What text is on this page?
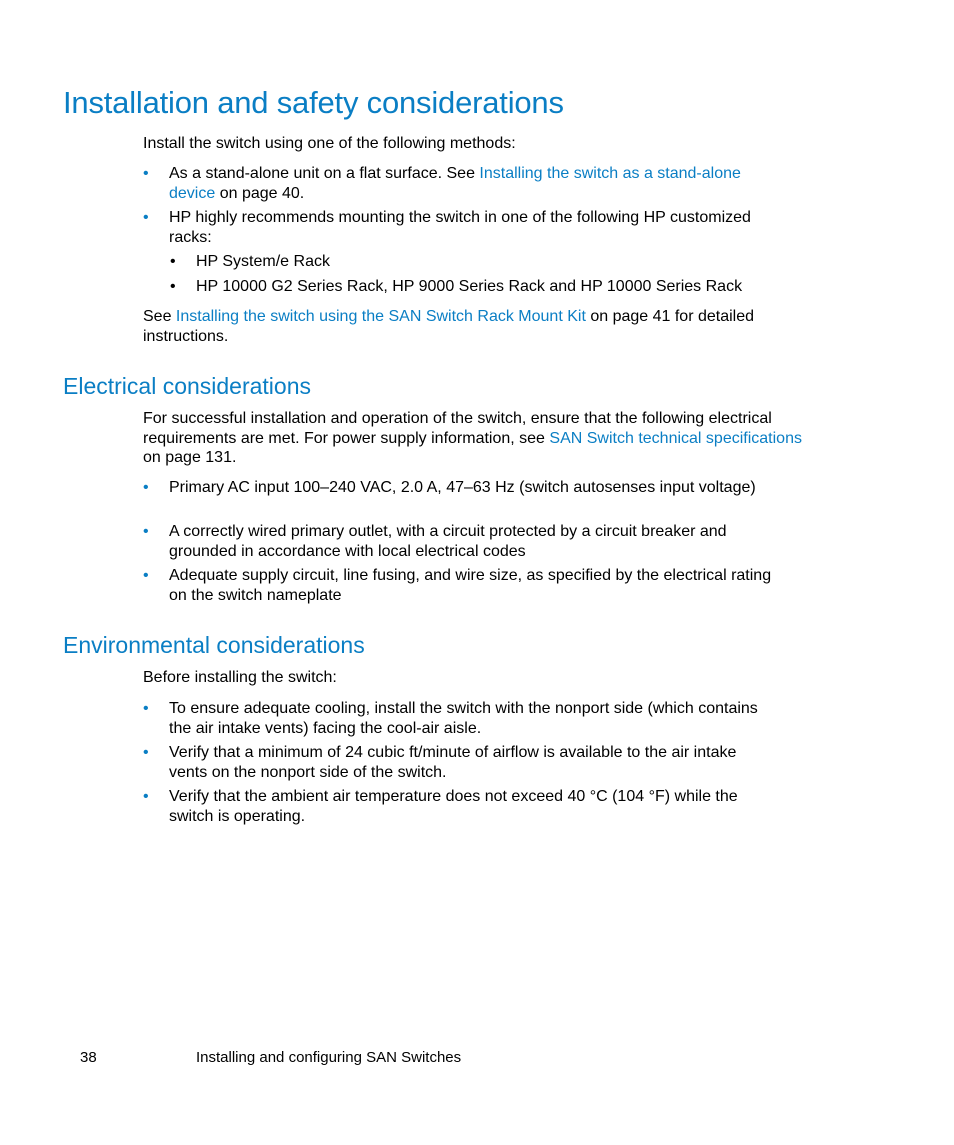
Installation and safety considerations

Install the switch using one of the following methods:

•	As a stand-alone unit on a flat surface. See Installing the switch as a stand-alone device on page 40.
•	HP highly recommends mounting the switch in one of the following HP customized racks:
• HP System/e Rack
• HP 10000 G2 Series Rack, HP 9000 Series Rack and HP 10000 Series Rack

See Installing the switch using the SAN Switch Rack Mount Kit on page 41 for detailed instructions.

Electrical considerations

For successful installation and operation of the switch, ensure that the following electrical requirements are met. For power supply information, see SAN Switch technical specifications on page 131.

•	Primary AC input 100–240 VAC, 2.0 A, 47–63 Hz (switch autosenses input voltage)
•	A correctly wired primary outlet, with a circuit protected by a circuit breaker and grounded in accordance with local electrical codes
•	Adequate supply circuit, line fusing, and wire size, as specified by the electrical rating on the switch nameplate
Environmental considerations

Before installing the switch:

•	To ensure adequate cooling, install the switch with the nonport side (which contains the air intake vents) facing the cool-air aisle.
•	Verify that a minimum of 24 cubic ft/minute of airflow is available to the air intake vents on the nonport side of the switch.
•	Verify that the ambient air temperature does not exceed 40 °C (104 °F) while the switch is operating.
38	Installing and configuring SAN Switches
